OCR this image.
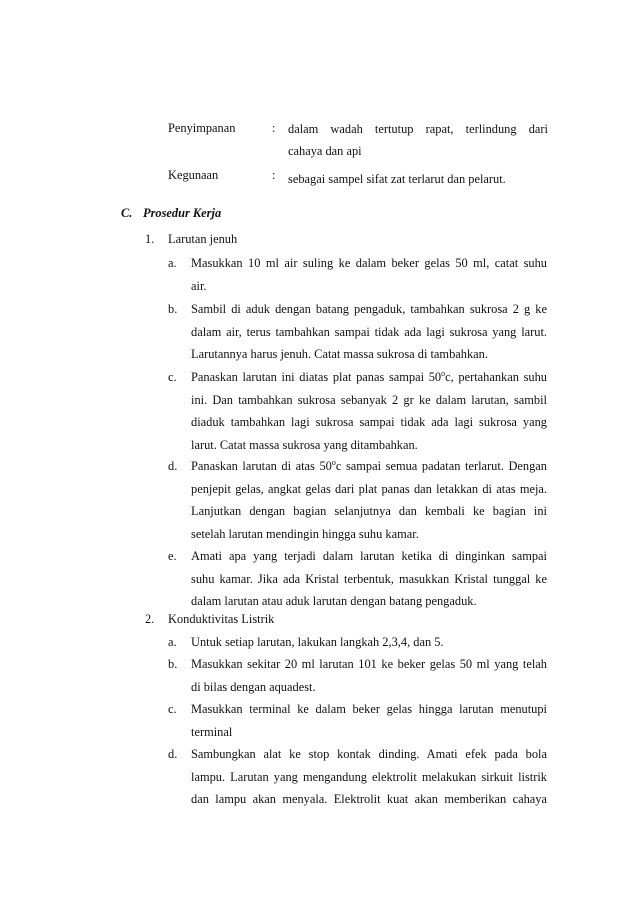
Penyimpanan	: dalam wadah tertutup rapat, terlindung dari
cahaya dan api
Kegunaan	: sebagai sampel sifat zat terlarut dan pelarut.
C. Prosedur Kerja
1. Larutan jenuh
a. Masukkan 10 ml air suling ke dalam beker gelas 50 ml, catat suhu
air.
b. Sambil di aduk dengan batang pengaduk, tambahkan sukrosa 2 g ke
dalam air, terus tambahkan sampai tidak ada lagi sukrosa yang larut.
Larutannya harus jenuh. Catat massa sukrosa di tambahkan.
c. Panaskan larutan ini diatas plat panas sampai 50$^o$c, pertahankan suhu
ini. Dan tambahkan sukrosa sebanyak 2 gr ke dalam larutan, sambil
diaduk tambahkan lagi sukrosa sampai tidak ada lagi sukrosa yang
larut. Catat massa sukrosa yang ditambahkan.
d. Panaskan larutan di atas 50$^o$c sampai semua padatan terlarut. Dengan
penjepit gelas, angkat gelas dari plat panas dan letakkan di atas meja.
Lanjutkan dengan bagian selanjutnya dan kembali ke bagian ini
setelah larutan mendingin hingga suhu kamar.
e. Amati apa yang terjadi dalam larutan ketika di dinginkan sampai
suhu kamar. Jika ada Kristal terbentuk, masukkan Kristal tunggal ke
dalam larutan atau aduk larutan dengan batang pengaduk.
2. Konduktivitas Listrik
a. Untuk setiap larutan, lakukan langkah 2,3,4, dan 5.
b. Masukkan sekitar 20 ml larutan 101 ke beker gelas 50 ml yang telah
di bilas dengan aquadest.
c. Masukkan terminal ke dalam beker gelas hingga larutan menutupi
terminal
d. Sambungkan alat ke stop kontak dinding. Amati efek pada bola
lampu. Larutan yang mengandung elektrolit melakukan sirkuit listrik
dan lampu akan menyala. Elektrolit kuat akan memberikan cahaya
